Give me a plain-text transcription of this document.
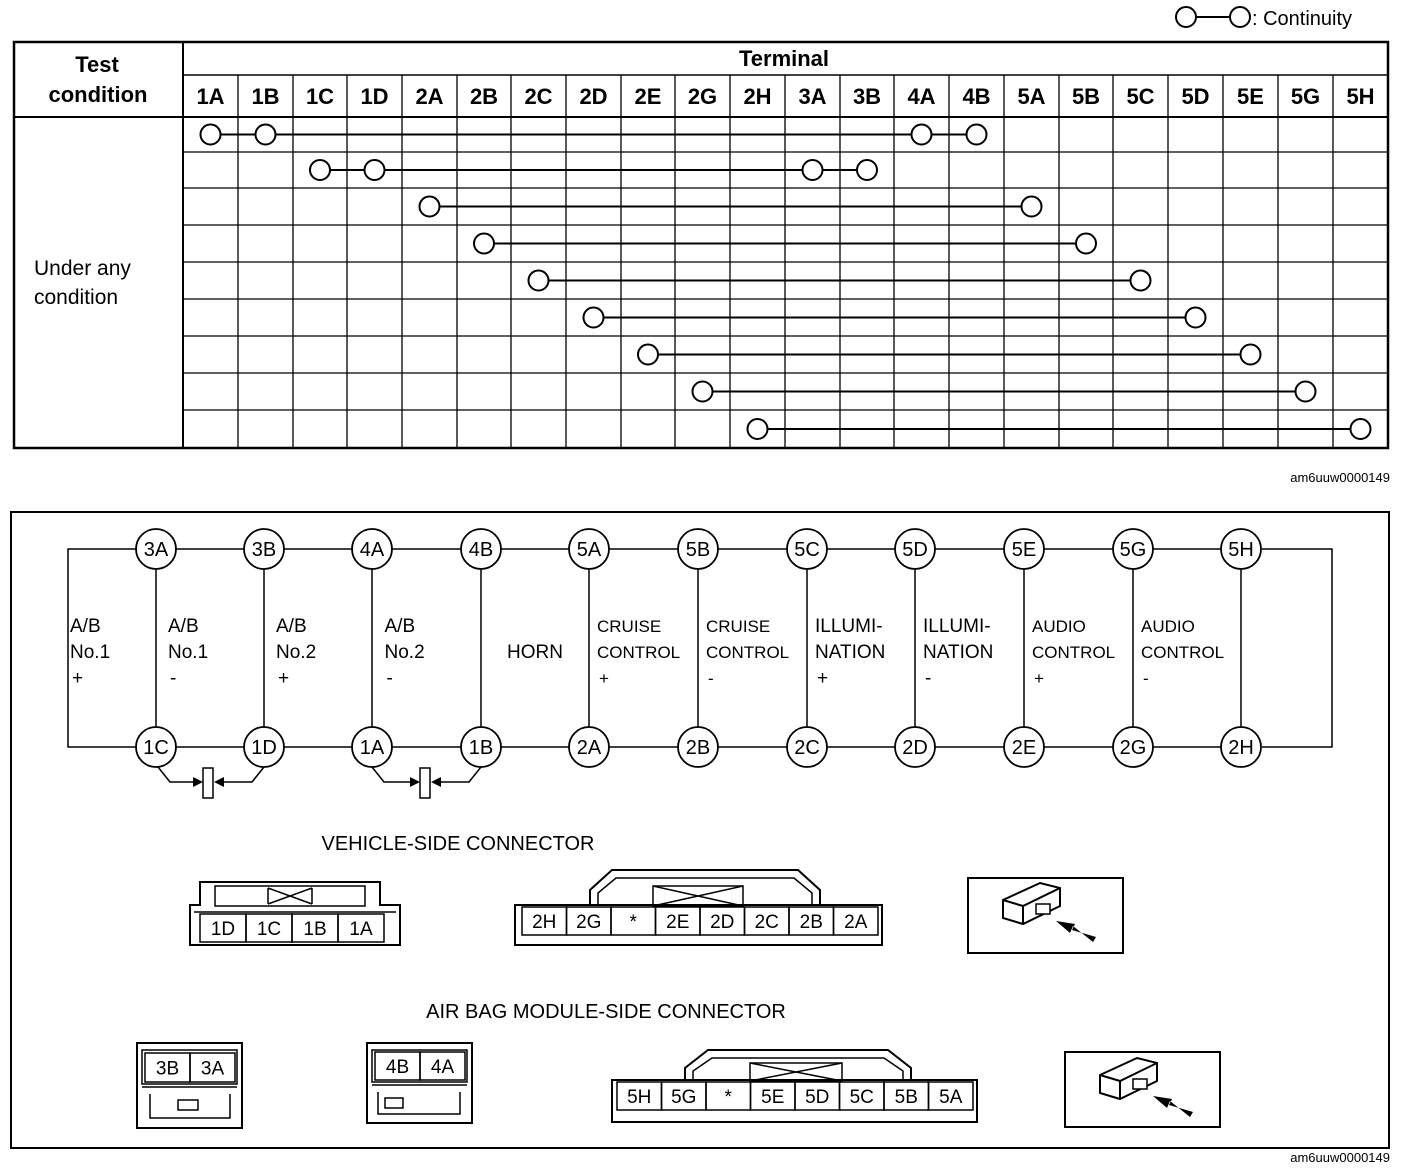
: Continuity
Test
condition
Terminal
Under any
condition
1A 1B 1C 1D 2A 2B 2C 2D 2E 2G 2H 3A 3B 4A 4B 5A 5B 5C 5D 5E 5G 5H
am6uuw0000149
3A
1C
3B
1D
4A
1A
4B
1B
5A
2A
5B
2B
5C
2C
5D
2D
5E
2E
5G
2G
5H
2H
A/B
No.1
+
A/B
No.1
-
A/B
No.2
+
A/B
No.2
-
HORN
CRUISE
CONTROL
+
CRUISE
CONTROL
-
ILLUMI-
NATION
+
ILLUMI-
NATION
-
AUDIO
CONTROL
+
AUDIO
CONTROL
-
VEHICLE-SIDE CONNECTOR
1D 1C 1B 1A	2H 2G * 2E 2D 2C 2B 2A
AIR BAG MODULE-SIDE CONNECTOR
3B 3A	4B 4A
5H 5G * 5E 5D 5C 5B 5A
am6uuw0000149
